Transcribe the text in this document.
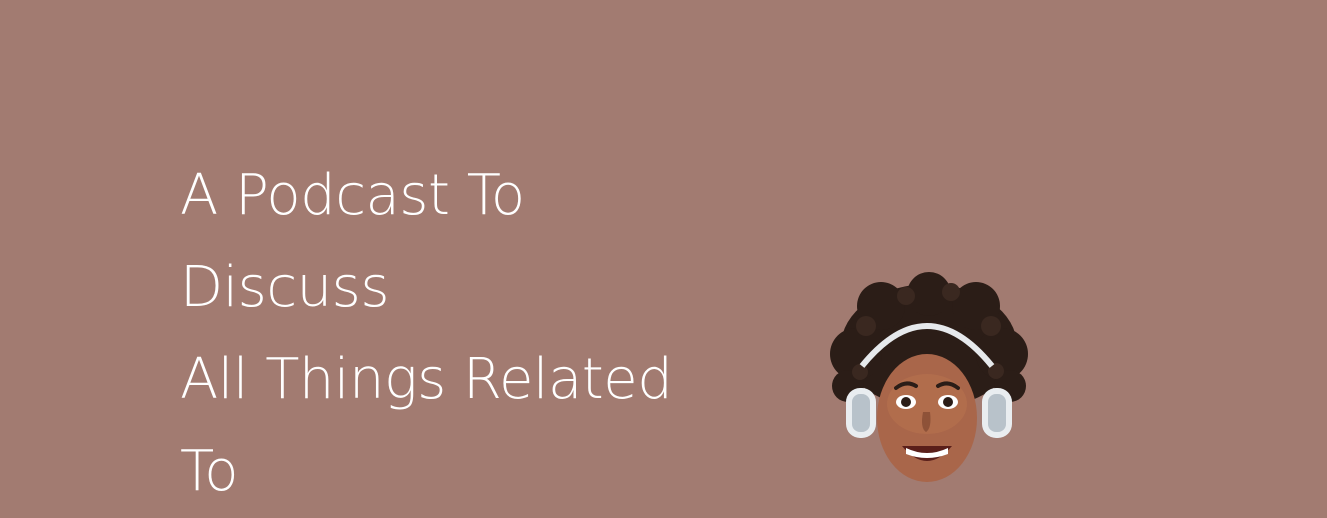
A Podcast To
Discuss
All Things Related
To
